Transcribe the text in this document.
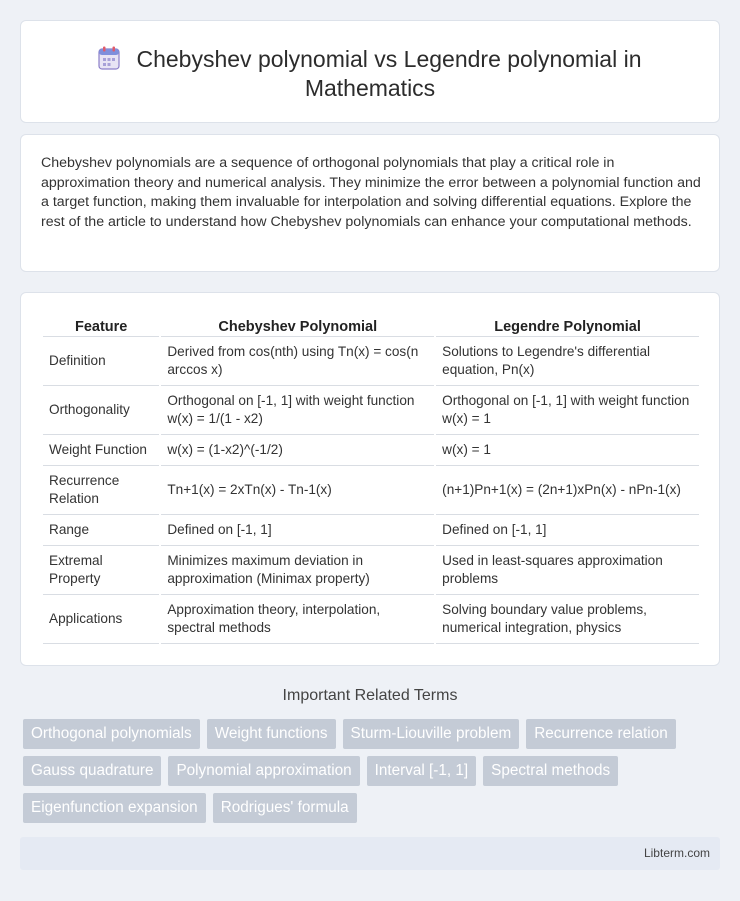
Chebyshev polynomial vs Legendre polynomial in
Mathematics

Chebyshev polynomials are a sequence of orthogonal polynomials that play a critical role in approximation theory and numerical analysis. They minimize the error between a polynomial function and a target function, making them invaluable for interpolation and solving differential equations. Explore the rest of the article to understand how Chebyshev polynomials can enhance your computational methods.

Feature	Chebyshev Polynomial	Legendre Polynomial
Definition	Derived from cos(nth) using Tn(x) = cos(n arccos x)	Solutions to Legendre's differential equation, Pn(x)
Orthogonality	Orthogonal on [-1, 1] with weight function w(x) = 1/(1 - x2)	Orthogonal on [-1, 1] with weight function w(x) = 1
Weight Function	w(x) = (1-x2)^(-1/2)	w(x) = 1
Recurrence Relation	Tn+1(x) = 2xTn(x) - Tn-1(x)	(n+1)Pn+1(x) = (2n+1)xPn(x) - nPn-1(x)
Range	Defined on [-1, 1]	Defined on [-1, 1]
Extremal Property	Minimizes maximum deviation in approximation (Minimax property)	Used in least-squares approximation problems
Applications	Approximation theory, interpolation, spectral methods	Solving boundary value problems, numerical integration, physics
Important Related Terms
Orthogonal polynomials	Weight functions	Sturm-Liouville problem	Recurrence relation
Gauss quadrature	Polynomial approximation	Interval [-1, 1]	Spectral methods
Eigenfunction expansion	Rodrigues' formula
Libterm.com
